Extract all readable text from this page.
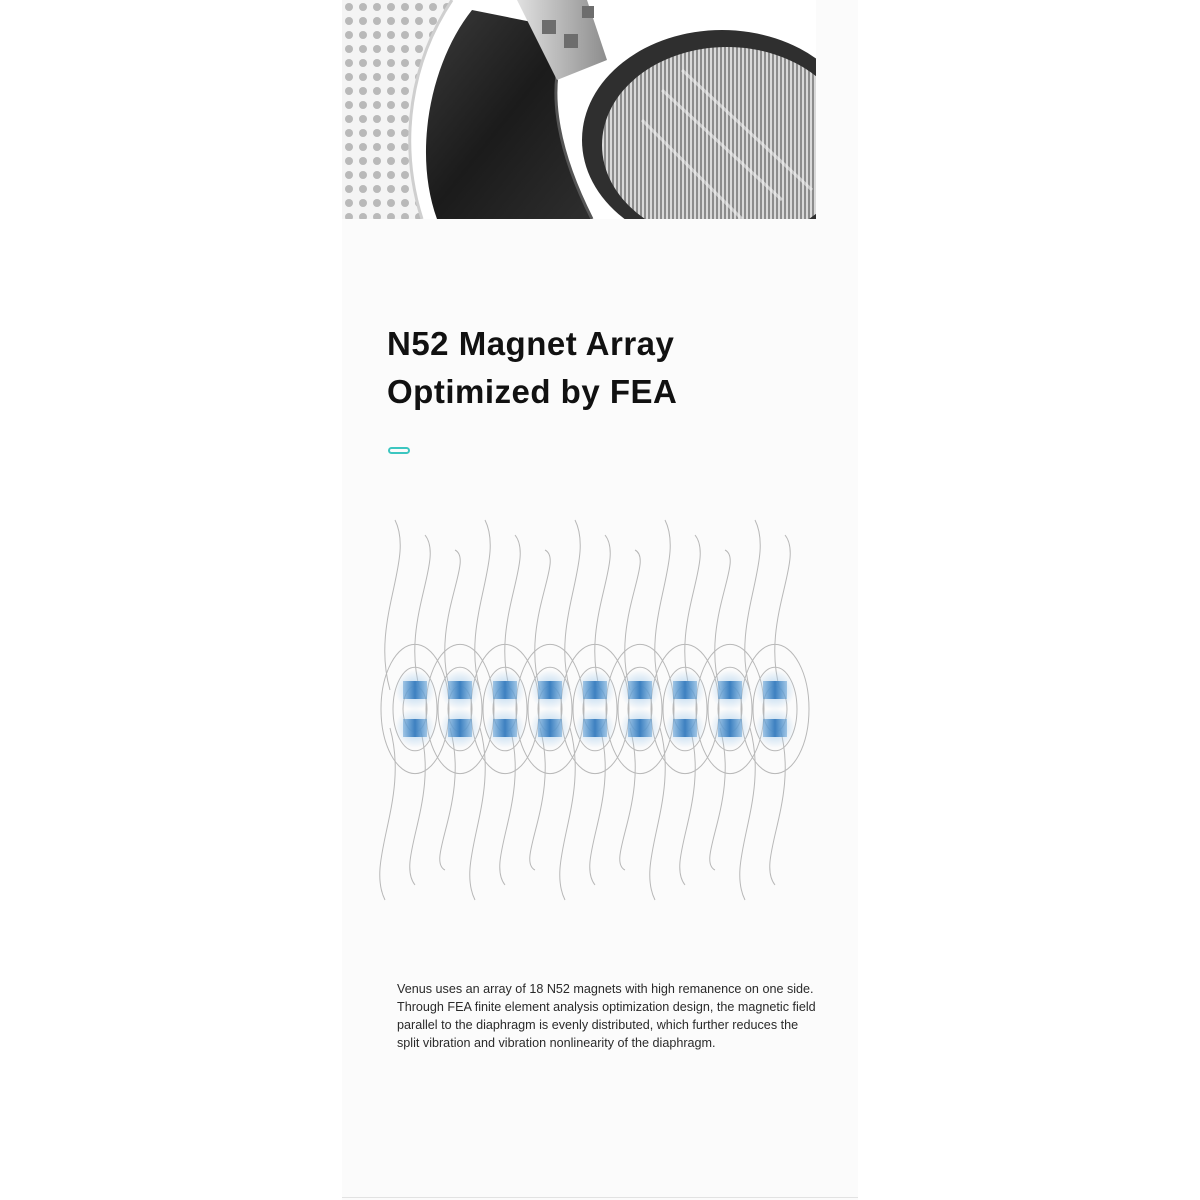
N52 Magnet Array
Optimized by FEA

Venus uses an array of 18 N52 magnets with high remanence on one side. Through FEA finite element analysis optimization design, the magnetic field parallel to the diaphragm is evenly distributed, which further reduces the split vibration and vibration nonlinearity of the diaphragm.
